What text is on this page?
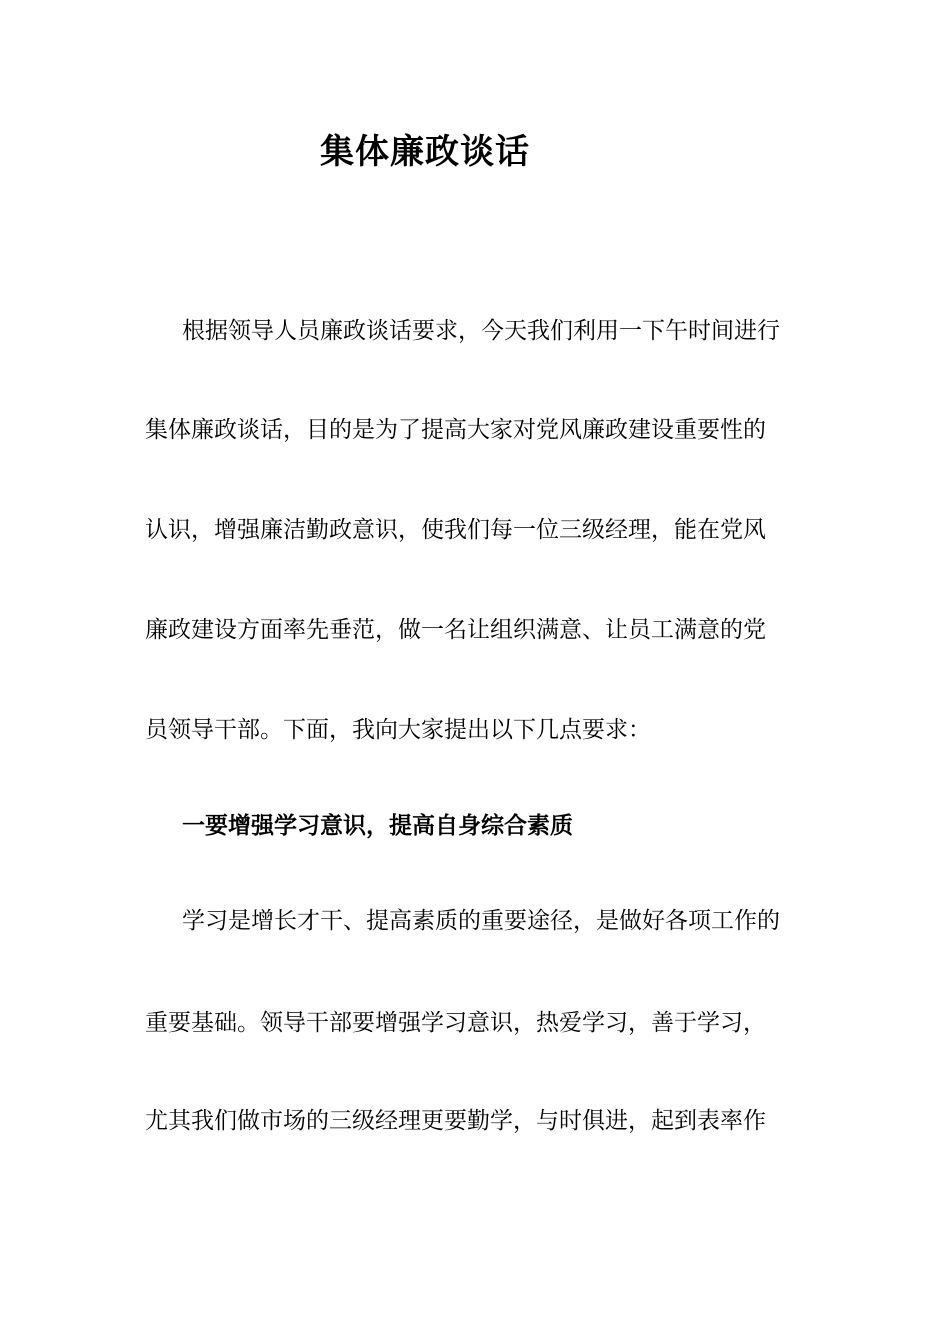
集体廉政谈话

根据领导人员廉政谈话要求，今天我们利用一下午时间进行

集体廉政谈话，目的是为了提高大家对党风廉政建设重要性的

认识，增强廉洁勤政意识，使我们每一位三级经理，能在党风

廉政建设方面率先垂范，做一名让组织满意、让员工满意的党

员领导干部。下面，我向大家提出以下几点要求：

一要增强学习意识，提高自身综合素质

学习是增长才干、提高素质的重要途径，是做好各项工作的

重要基础。领导干部要增强学习意识，热爱学习，善于学习，

尤其我们做市场的三级经理更要勤学，与时俱进，起到表率作
